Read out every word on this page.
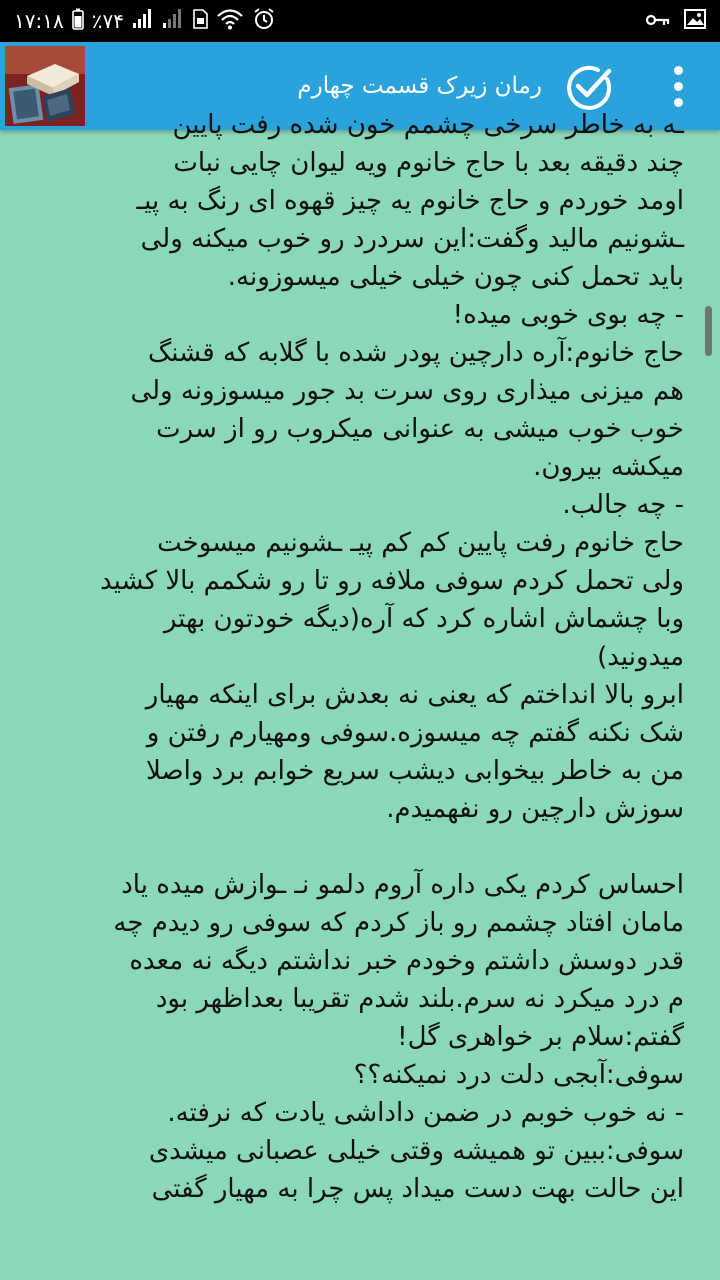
۱۷:۱۸ ٪۷۴
رمان زیرک قسمت چهارم
ـه به خاطر سرخی چشمم خون شده رفت پایین
چند دقیقه بعد با حاج خانوم ویه لیوان چایی نبات
اومد خوردم و حاج خانوم یه چیز قهوه ای رنگ به پیـ
ـشونیم مالید وگفت:این سردرد رو خوب میکنه ولی
باید تحمل کنی چون خیلی خیلی میسوزونه.
- چه بوی خوبی میده!
حاج خانوم:آره دارچین پودر شده با گلابه که قشنگ
هم میزنی میذاری روی سرت بد جور میسوزونه ولی
خوب خوب میشی به عنوانی میکروب رو از سرت
میکشه بیرون.
- چه جالب.
حاج خانوم رفت پایین کم کم پیـ ـشونیم میسوخت
ولی تحمل کردم سوفی ملافه رو تا رو شکمم بالا کشید
وبا چشماش اشاره کرد که آره(دیگه خودتون بهتر
میدونید)
ابرو بالا انداختم که یعنی نه بعدش برای اینکه مهیار
شک نکنه گفتم چه میسوزه.سوفی ومهیارم رفتن و
من به خاطر بیخوابی دیشب سریع خوابم برد واصلا
سوزش دارچین رو نفهمیدم.
احساس کردم یکی داره آروم دلمو نـ ـوازش میده یاد
مامان افتاد چشمم رو باز کردم که سوفی رو دیدم چه
قدر دوسش داشتم وخودم خبر نداشتم دیگه نه معده
م درد میکرد نه سرم.بلند شدم تقریبا بعداظهر بود
گفتم:سلام بر خواهری گل!
سوفی:آبجی دلت درد نمیکنه؟؟
- نه خوب خوبم در ضمن داداشی یادت که نرفته.
سوفی:ببین تو همیشه وقتی خیلی عصبانی میشدی
این حالت بهت دست میداد پس چرا به مهیار گفتی
